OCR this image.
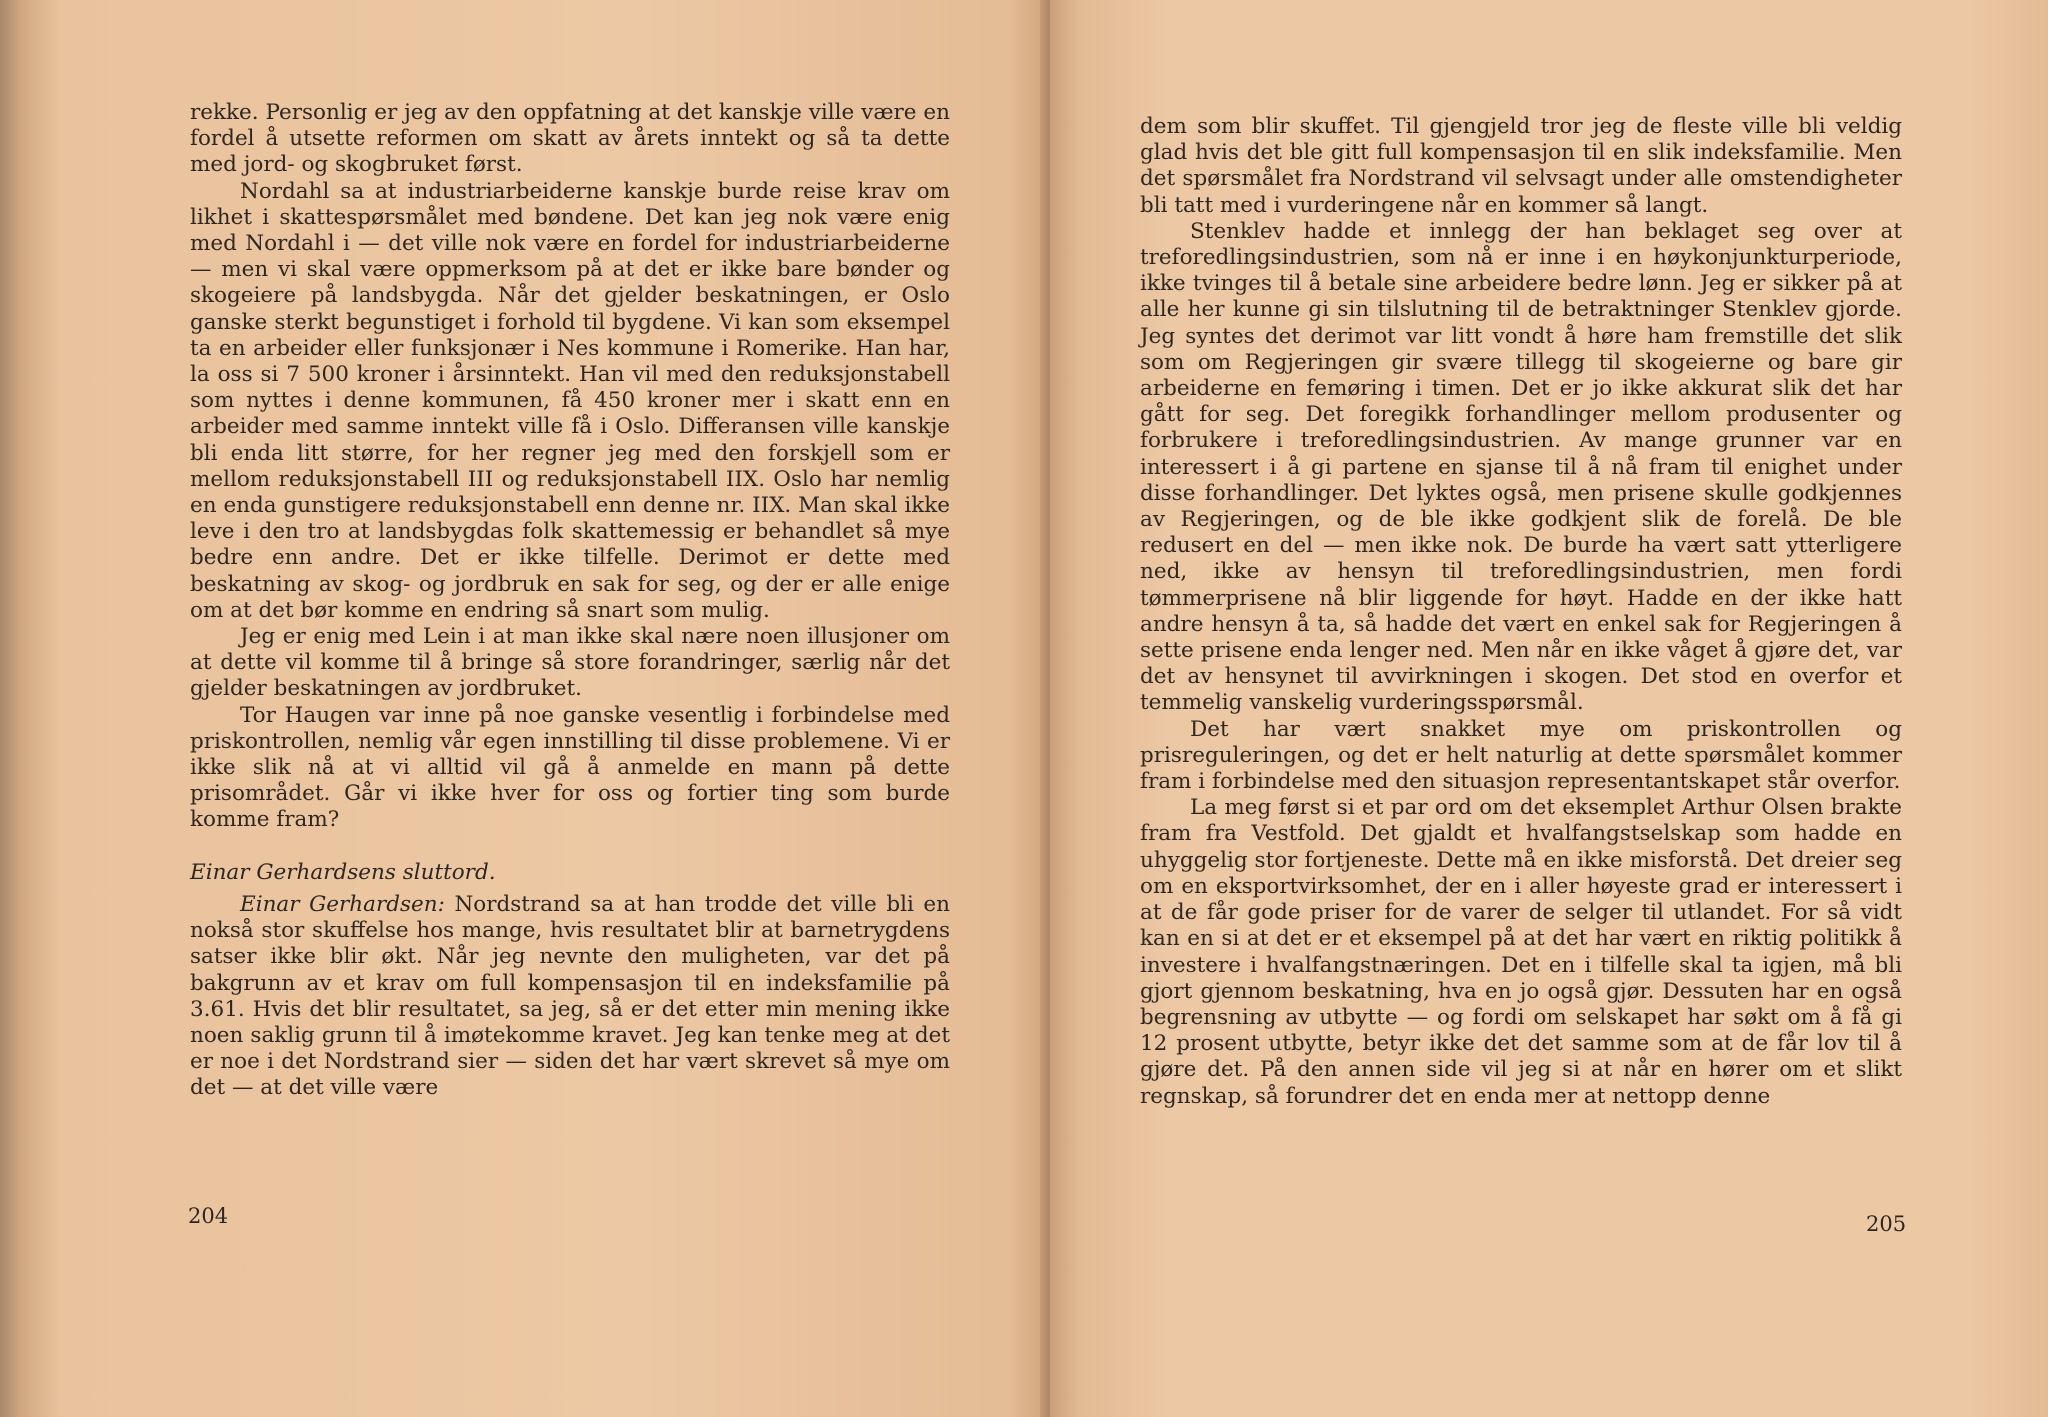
rekke. Personlig er jeg av den oppfatning at det kanskje ville være en fordel å utsette reformen om skatt av årets inntekt og så ta dette med jord- og skogbruket først.

Nordahl sa at industriarbeiderne kanskje burde reise krav om likhet i skattespørsmålet med bøndene. Det kan jeg nok være enig med Nordahl i — det ville nok være en fordel for industriarbeiderne — men vi skal være oppmerksom på at det er ikke bare bønder og skogeiere på landsbygda. Når det gjelder beskatningen, er Oslo ganske sterkt begunstiget i forhold til bygdene. Vi kan som eksempel ta en arbeider eller funksjonær i Nes kommune i Romerike. Han har, la oss si 7 500 kroner i årsinntekt. Han vil med den reduksjonstabell som nyttes i denne kommunen, få 450 kroner mer i skatt enn en arbeider med samme inntekt ville få i Oslo. Differansen ville kanskje bli enda litt større, for her regner jeg med den forskjell som er mellom reduksjonstabell III og reduksjonstabell IIX. Oslo har nemlig en enda gunstigere reduksjonstabell enn denne nr. IIX. Man skal ikke leve i den tro at landsbygdas folk skattemessig er behandlet så mye bedre enn andre. Det er ikke tilfelle. Derimot er dette med beskatning av skog- og jordbruk en sak for seg, og der er alle enige om at det bør komme en endring så snart som mulig.

Jeg er enig med Lein i at man ikke skal nære noen illusjoner om at dette vil komme til å bringe så store forandringer, særlig når det gjelder beskatningen av jordbruket.

Tor Haugen var inne på noe ganske vesentlig i forbindelse med priskontrollen, nemlig vår egen innstilling til disse problemene. Vi er ikke slik nå at vi alltid vil gå å anmelde en mann på dette prisområdet. Går vi ikke hver for oss og fortier ting som burde komme fram?

Einar Gerhardsens sluttord.

Einar Gerhardsen: Nordstrand sa at han trodde det ville bli en nokså stor skuffelse hos mange, hvis resultatet blir at barnetrygdens satser ikke blir økt. Når jeg nevnte den muligheten, var det på bakgrunn av et krav om full kompensasjon til en indeksfamilie på 3.61. Hvis det blir resultatet, sa jeg, så er det etter min mening ikke noen saklig grunn til å imøtekomme kravet. Jeg kan tenke meg at det er noe i det Nordstrand sier — siden det har vært skrevet så mye om det — at det ville være

204	205

dem som blir skuffet. Til gjengjeld tror jeg de fleste ville bli veldig glad hvis det ble gitt full kompensasjon til en slik indeksfamilie. Men det spørsmålet fra Nordstrand vil selvsagt under alle omstendigheter bli tatt med i vurderingene når en kommer så langt.

Stenklev hadde et innlegg der han beklaget seg over at treforedlingsindustrien, som nå er inne i en høykonjunkturperiode, ikke tvinges til å betale sine arbeidere bedre lønn. Jeg er sikker på at alle her kunne gi sin tilslutning til de betraktninger Stenklev gjorde. Jeg syntes det derimot var litt vondt å høre ham fremstille det slik som om Regjeringen gir svære tillegg til skogeierne og bare gir arbeiderne en femøring i timen. Det er jo ikke akkurat slik det har gått for seg. Det foregikk forhandlinger mellom produsenter og forbrukere i treforedlingsindustrien. Av mange grunner var en interessert i å gi partene en sjanse til å nå fram til enighet under disse forhandlinger. Det lyktes også, men prisene skulle godkjennes av Regjeringen, og de ble ikke godkjent slik de forelå. De ble redusert en del — men ikke nok. De burde ha vært satt ytterligere ned, ikke av hensyn til treforedlingsindustrien, men fordi tømmerprisene nå blir liggende for høyt. Hadde en der ikke hatt andre hensyn å ta, så hadde det vært en enkel sak for Regjeringen å sette prisene enda lenger ned. Men når en ikke våget å gjøre det, var det av hensynet til avvirkningen i skogen. Det stod en overfor et temmelig vanskelig vurderingsspørsmål.

Det har vært snakket mye om priskontrollen og prisreguleringen, og det er helt naturlig at dette spørsmålet kommer fram i forbindelse med den situasjon representantskapet står overfor.

La meg først si et par ord om det eksemplet Arthur Olsen brakte fram fra Vestfold. Det gjaldt et hvalfangstselskap som hadde en uhyggelig stor fortjeneste. Dette må en ikke misforstå. Det dreier seg om en eksportvirksomhet, der en i aller høyeste grad er interessert i at de får gode priser for de varer de selger til utlandet. For så vidt kan en si at det er et eksempel på at det har vært en riktig politikk å investere i hvalfangstnæringen. Det en i tilfelle skal ta igjen, må bli gjort gjennom beskatning, hva en jo også gjør. Dessuten har en også begrensning av utbytte — og fordi om selskapet har søkt om å få gi 12 prosent utbytte, betyr ikke det det samme som at de får lov til å gjøre det. På den annen side vil jeg si at når en hører om et slikt regnskap, så forundrer det en enda mer at nettopp denne
